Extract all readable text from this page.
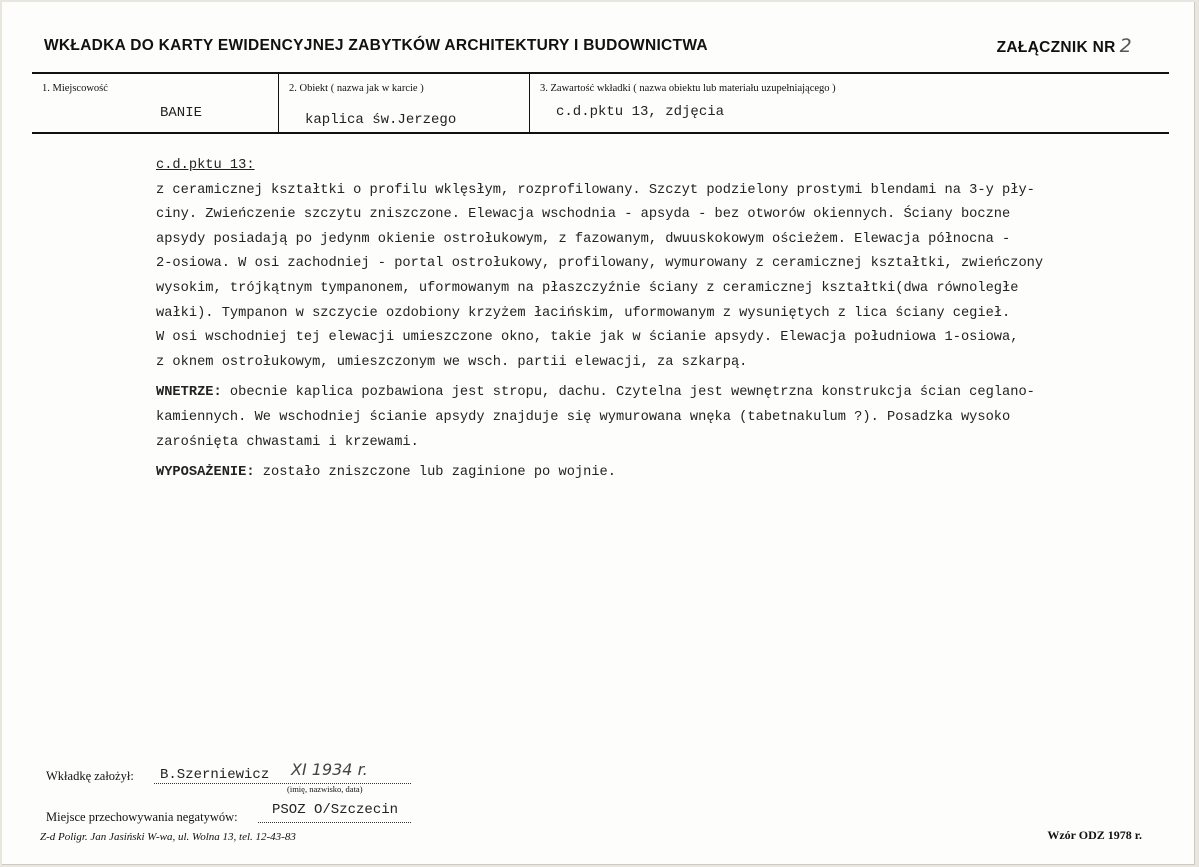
WKŁADKA DO KARTY EWIDENCYJNEJ ZABYTKÓW ARCHITEKTURY I BUDOWNICTWA	ZAŁĄCZNIK NR 2
1. Miejscowość
BANIE
2. Obiekt ( nazwa jak w karcie )
kaplica św.Jerzego
3. Zawartość wkładki ( nazwa obiektu lub materiału uzupełniającego )
c.d.pktu 13, zdjęcia

c.d.pktu 13:

z ceramicznej kształtki o profilu wklęsłym, rozprofilowany. Szczyt podzielony prostymi blendami na 3-y pły-

ciny. Zwieńczenie szczytu zniszczone. Elewacja wschodnia - apsyda - bez otworów okiennych. Ściany boczne

apsydy posiadają po jedynm okienie ostrołukowym, z fazowanym, dwuuskokowym ościeżem. Elewacja północna -

2-osiowa. W osi zachodniej - portal ostrołukowy, profilowany, wymurowany z ceramicznej kształtki, zwieńczony

wysokim, trójkątnym tympanonem, uformowanym na płaszczyźnie ściany z ceramicznej kształtki(dwa równoległe

wałki). Tympanon w szczycie ozdobiony krzyżem łacińskim, uformowanym z wysuniętych z lica ściany cegieł.

W osi wschodniej tej elewacji umieszczone okno, takie jak w ścianie apsydy. Elewacja południowa 1-osiowa,

z oknem ostrołukowym, umieszczonym we wsch. partii elewacji, za szkarpą.

WNETRZE: obecnie kaplica pozbawiona jest stropu, dachu. Czytelna jest wewnętrzna konstrukcja ścian ceglano-

kamiennych. We wschodniej ścianie apsydy znajduje się wymurowana wnęka (tabetnakulum ?). Posadzka wysoko

zarośnięta chwastami i krzewami.

WYPOSAŻENIE: zostało zniszczone lub zaginione po wojnie.

Wkładkę założył: B.Szerniewicz XI 1934 r.
(imię, nazwisko, data)
Miejsce przechowywania negatywów: PSOZ O/Szczecin
Z-d Poligr. Jan Jasiński W-wa, ul. Wolna 13, tel. 12-43-83	Wzór ODZ 1978 r.
